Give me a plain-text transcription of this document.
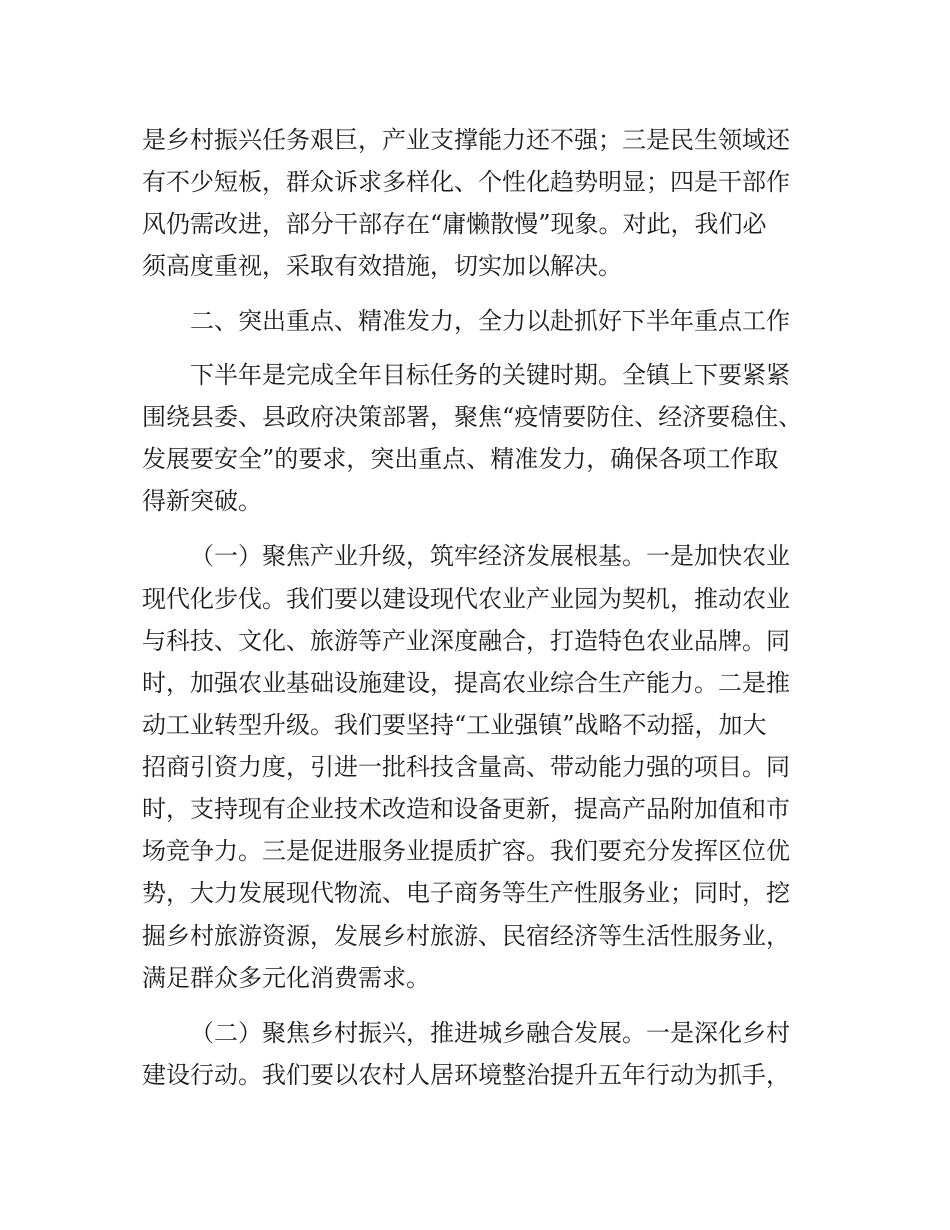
是乡村振兴任务艰巨，产业支撑能力还不强；三是民生领域还

有不少短板，群众诉求多样化、个性化趋势明显；四是干部作

风仍需改进，部分干部存在“庸懒散慢”现象。对此，我们必

须高度重视，采取有效措施，切实加以解决。

二、突出重点、精准发力，全力以赴抓好下半年重点工作

下半年是完成全年目标任务的关键时期。全镇上下要紧紧

围绕县委、县政府决策部署，聚焦“疫情要防住、经济要稳住、

发展要安全”的要求，突出重点、精准发力，确保各项工作取

得新突破。

（一）聚焦产业升级，筑牢经济发展根基。一是加快农业

现代化步伐。我们要以建设现代农业产业园为契机，推动农业

与科技、文化、旅游等产业深度融合，打造特色农业品牌。同

时，加强农业基础设施建设，提高农业综合生产能力。二是推

动工业转型升级。我们要坚持“工业强镇”战略不动摇，加大

招商引资力度，引进一批科技含量高、带动能力强的项目。同

时，支持现有企业技术改造和设备更新，提高产品附加值和市

场竞争力。三是促进服务业提质扩容。我们要充分发挥区位优

势，大力发展现代物流、电子商务等生产性服务业；同时，挖

掘乡村旅游资源，发展乡村旅游、民宿经济等生活性服务业，

满足群众多元化消费需求。

（二）聚焦乡村振兴，推进城乡融合发展。一是深化乡村

建设行动。我们要以农村人居环境整治提升五年行动为抓手，
